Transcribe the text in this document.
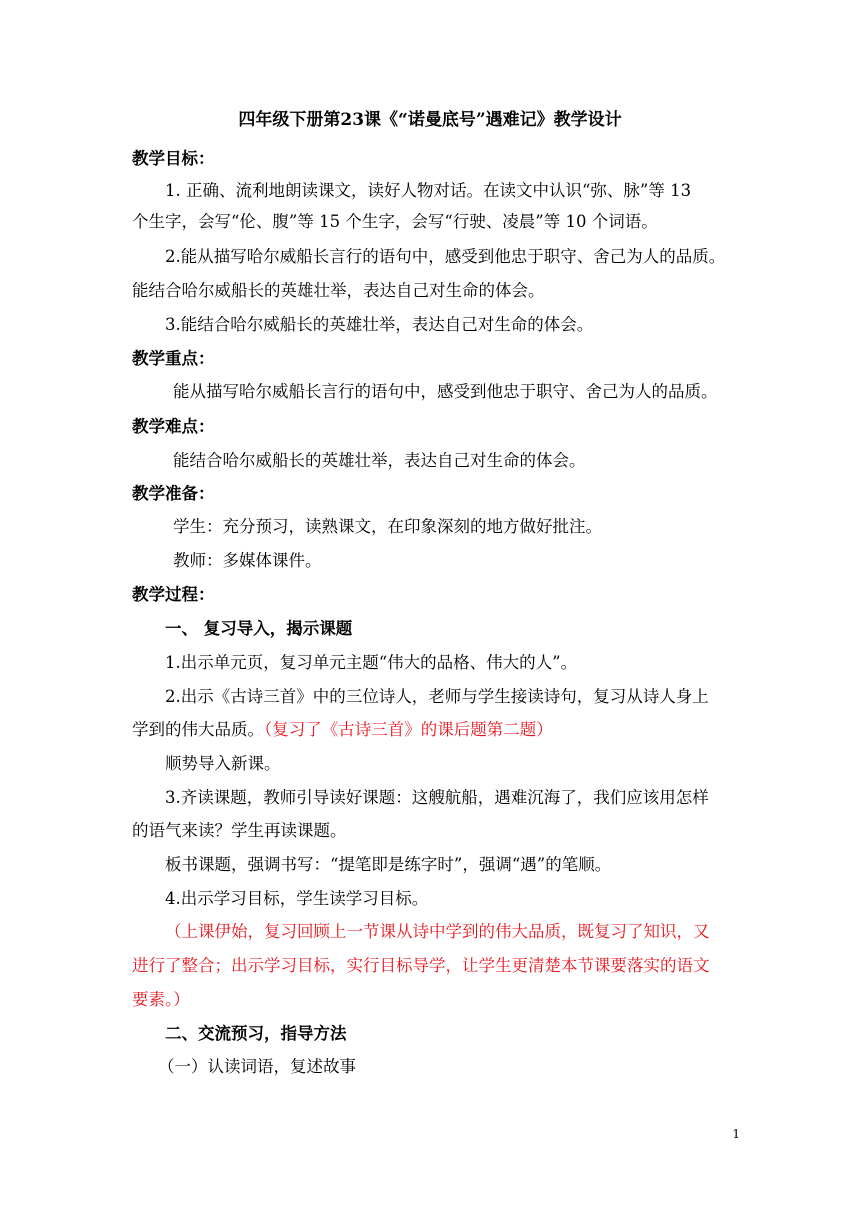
四年级下册第23课《“诺曼底号”遇难记》教学设计
教学目标：
1. 正确、流利地朗读课文，读好人物对话。在读文中认识“弥、脉”等 13
个生字，会写“伦、腹”等 15 个生字，会写“行驶、凌晨”等 10 个词语。
2.能从描写哈尔威船长言行的语句中，感受到他忠于职守、舍己为人的品质。
能结合哈尔威船长的英雄壮举，表达自己对生命的体会。
3.能结合哈尔威船长的英雄壮举，表达自己对生命的体会。
教学重点：
能从描写哈尔威船长言行的语句中，感受到他忠于职守、舍己为人的品质。
教学难点：
能结合哈尔威船长的英雄壮举，表达自己对生命的体会。
教学准备：
学生：充分预习，读熟课文，在印象深刻的地方做好批注。
教师：多媒体课件。
教学过程：
一、 复习导入，揭示课题
1.出示单元页，复习单元主题“伟大的品格、伟大的人”。
2.出示《古诗三首》中的三位诗人，老师与学生接读诗句，复习从诗人身上
学到的伟大品质。（复习了《古诗三首》的课后题第二题）
顺势导入新课。
3.齐读课题，教师引导读好课题：这艘航船，遇难沉海了，我们应该用怎样
的语气来读？学生再读课题。
板书课题，强调书写：“提笔即是练字时”，强调“遇”的笔顺。
4.出示学习目标，学生读学习目标。
（上课伊始，复习回顾上一节课从诗中学到的伟大品质，既复习了知识，又
进行了整合；出示学习目标，实行目标导学，让学生更清楚本节课要落实的语文
要素。）
二、交流预习，指导方法
（一）认读词语，复述故事
1
